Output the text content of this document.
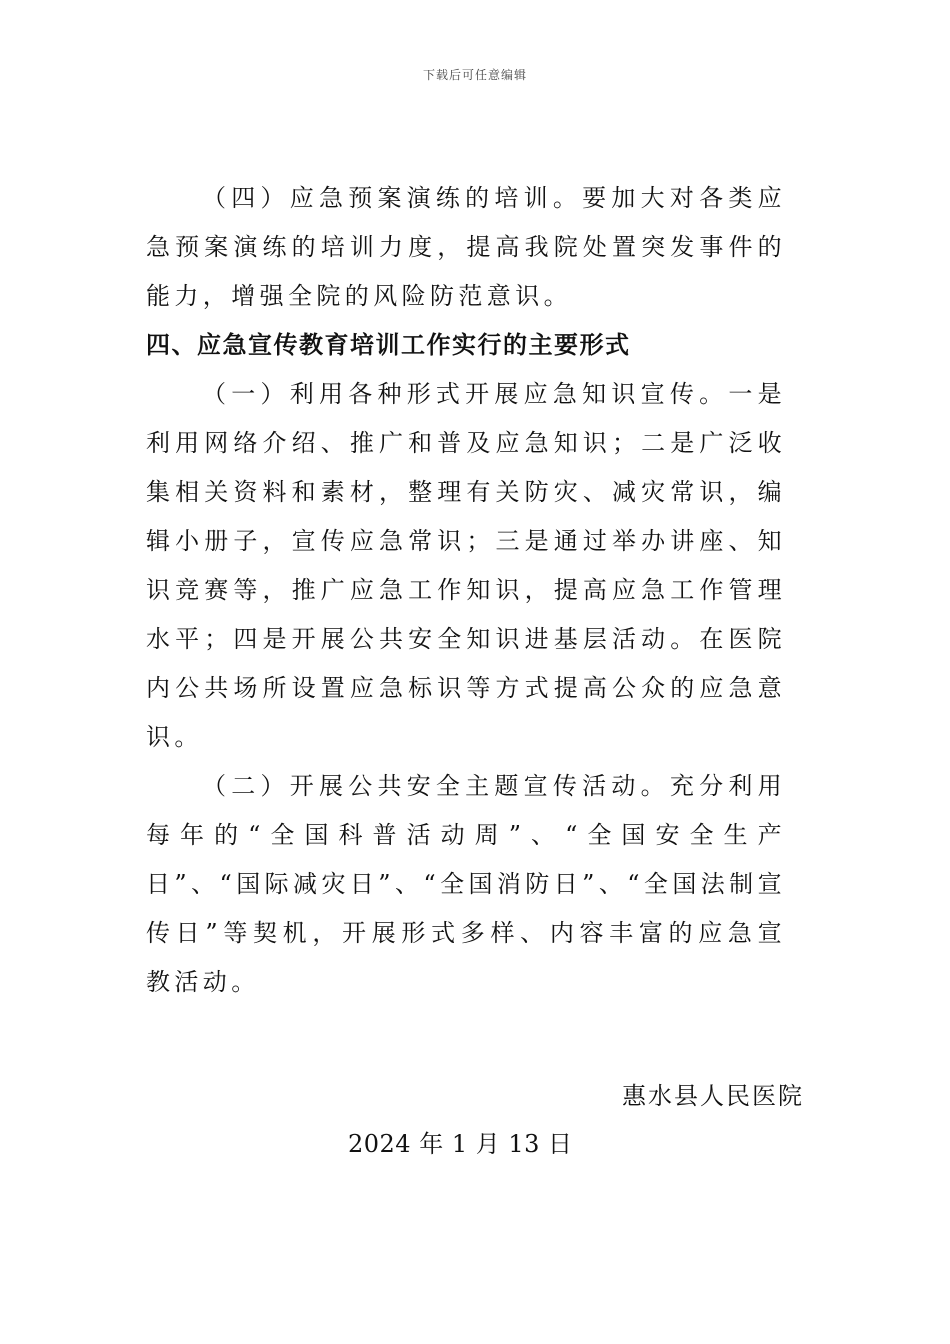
下载后可任意编辑

（四）应急预案演练的培训。要加大对各类应急预案演练的培训力度，提高我院处置突发事件的能力，增强全院的风险防范意识。

四、应急宣传教育培训工作实行的主要形式

（一）利用各种形式开展应急知识宣传。一是利用网络介绍、推广和普及应急知识；二是广泛收集相关资料和素材，整理有关防灾、减灾常识，编辑小册子，宣传应急常识；三是通过举办讲座、知识竞赛等，推广应急工作知识，提高应急工作管理水平；四是开展公共安全知识进基层活动。在医院内公共场所设置应急标识等方式提高公众的应急意识。

（二）开展公共安全主题宣传活动。充分利用每年的“全国科普活动周”、“全国安全生产日”、“国际减灾日”、“全国消防日”、“全国法制宣传日”等契机，开展形式多样、内容丰富的应急宣教活动。

惠水县人民医院
2024 年 1 月 13 日
